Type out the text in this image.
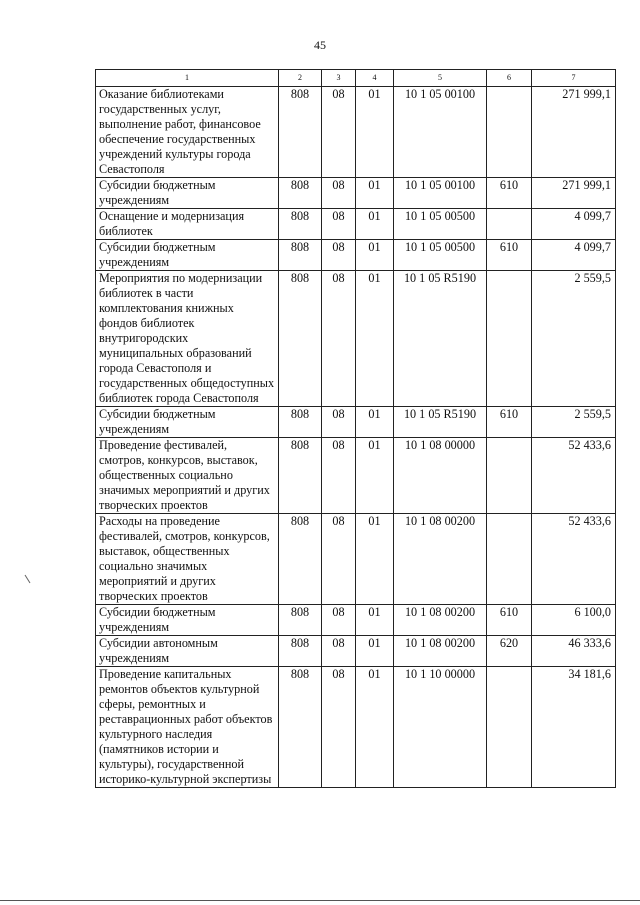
45
1	2	3	4	5	6	7
Оказание библиотеками государственных услуг, выполнение работ, финансовое обеспечение государственных учреждений культуры города Севастополя	808	08	01	10 1 05 00100		271 999,1
Субсидии бюджетным учреждениям	808	08	01	10 1 05 00100	610	271 999,1
Оснащение и модернизация библиотек	808	08	01	10 1 05 00500		4 099,7
Субсидии бюджетным учреждениям	808	08	01	10 1 05 00500	610	4 099,7
Мероприятия по модернизации библиотек в части комплектования книжных фондов библиотек внутригородских муниципальных образований города Севастополя и государственных общедоступных библиотек города Севастополя	808	08	01	10 1 05 R5190		2 559,5
Субсидии бюджетным учреждениям	808	08	01	10 1 05 R5190	610	2 559,5
Проведение фестивалей, смотров, конкурсов, выставок, общественных социально значимых мероприятий и других творческих проектов	808	08	01	10 1 08 00000		52 433,6
Расходы на проведение фестивалей, смотров, конкурсов, выставок, общественных социально значимых мероприятий и других творческих проектов	808	08	01	10 1 08 00200		52 433,6
Субсидии бюджетным учреждениям	808	08	01	10 1 08 00200	610	6 100,0
Субсидии автономным учреждениям	808	08	01	10 1 08 00200	620	46 333,6
Проведение капитальных ремонтов объектов культурной сферы, ремонтных и реставрационных работ объектов культурного наследия (памятников истории и культуры), государственной историко-культурной экспертизы	808	08	01	10 1 10 00000		34 181,6
